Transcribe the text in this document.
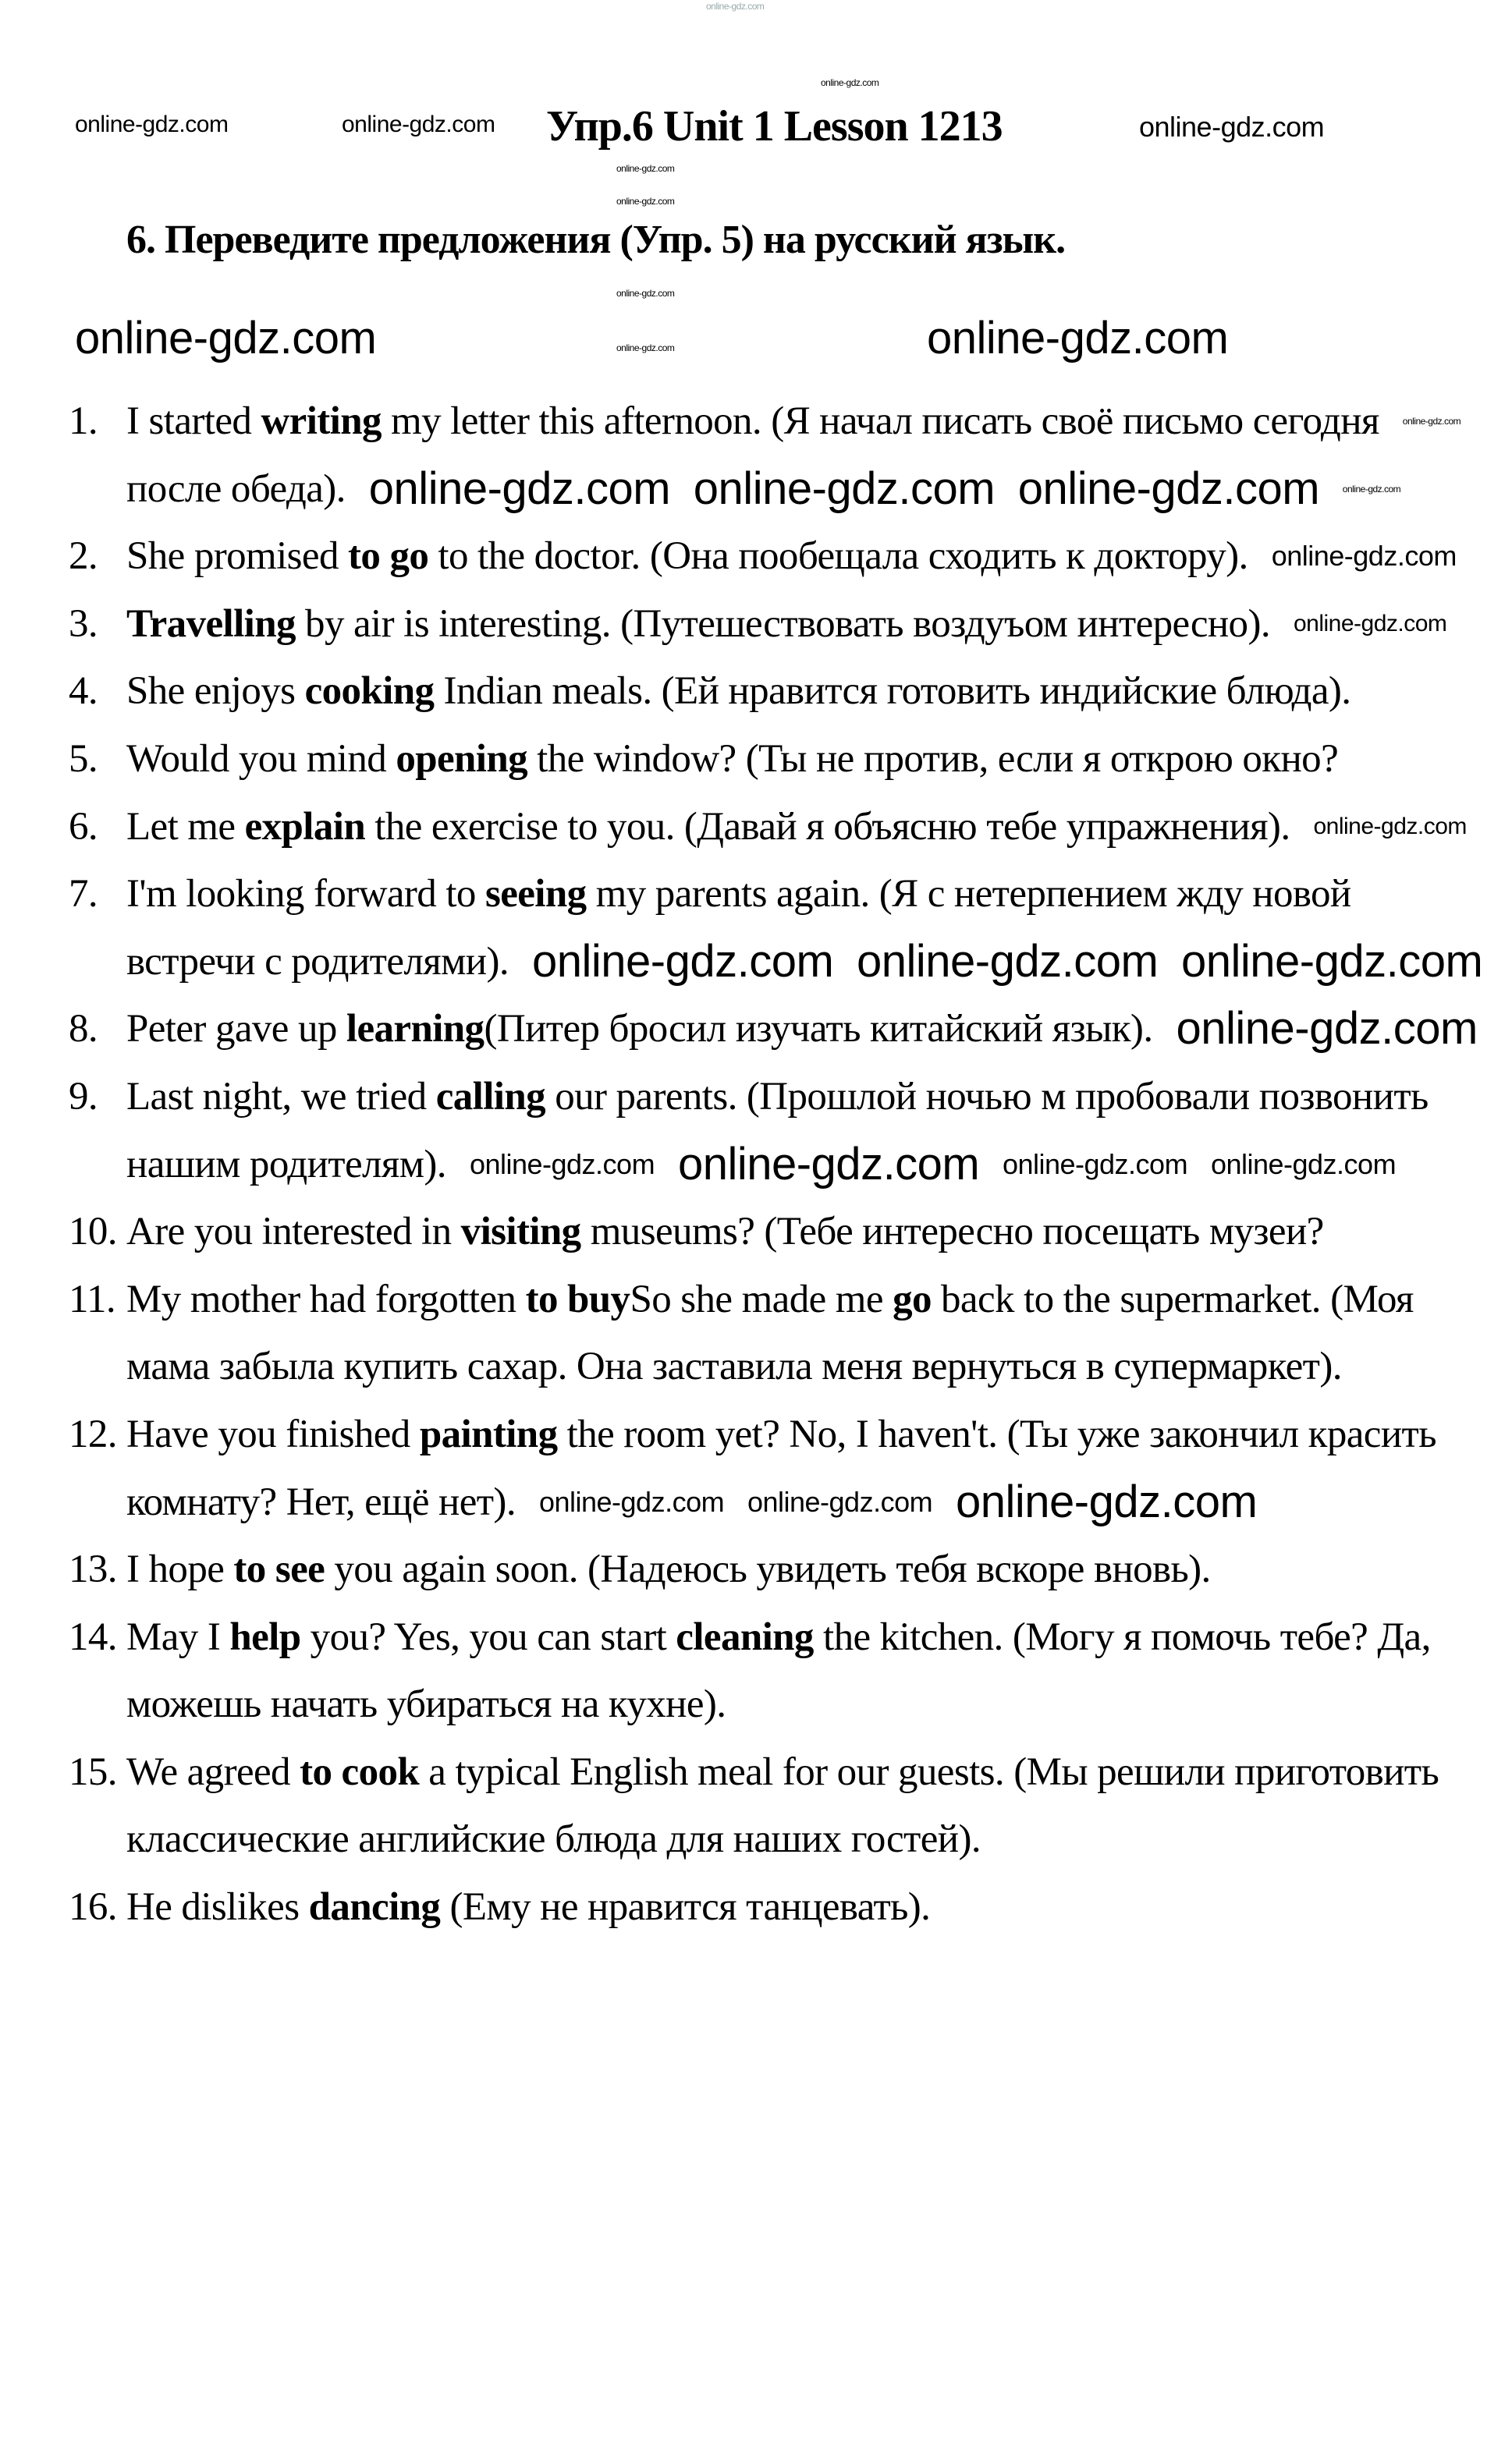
Упр.6 Unit 1 Lesson 1213
6. Переведите предложения (Упр. 5) на русский язык.
1. I started writing my letter this afternoon. (Я начал писать своё письмо сегодня после обеда).
2. She promised to go to the doctor. (Она пообещала сходить к доктору).
3. Travelling by air is interesting. (Путешествовать воздуъом интересно).
4. She enjoys cooking Indian meals. (Ей нравится готовить индийские блюда).
5. Would you mind opening the window? (Ты не против, если я открою окно?
6. Let me explain the exercise to you. (Давай я объясню тебе упражнения).
7. I'm looking forward to seeing my parents again. (Я с нетерпением жду новой встречи с родителями).
8. Peter gave up learning(Питер бросил изучать китайский язык).
9. Last night, we tried calling our parents. (Прошлой ночью м пробовали позвонить нашим родителям).
10. Are you interested in visiting museums? (Тебе интересно посещать музеи?
11. My mother had forgotten to buySo she made me go back to the supermarket. (Моя мама забыла купить сахар. Она заставила меня вернуться в супермаркет).
12. Have you finished painting the room yet? No, I haven't. (Ты уже закончил красить комнату? Нет, ещё нет).
13. I hope to see you again soon. (Надеюсь увидеть тебя вскоре вновь).
14. May I help you? Yes, you can start cleaning the kitchen. (Могу я помочь тебе? Да, можешь начать убираться на кухне).
15. We agreed to cook a typical English meal for our guests. (Мы решили приготовить классические английские блюда для наших гостей).
16. He dislikes dancing (Ему не нравится танцевать).
online-gdz.com
online-gdz.com	online-gdz.com	online-gdz.com
online-gdz.com
online-gdz.com
online-gdz.com
online-gdz.com
online-gdz.com	online-gdz.com
online-gdz.com
online-gdz.com online-gdz.com online-gdz.com
online-gdz.com
online-gdz.com
online-gdz.com
online-gdz.com online-gdz.com
online-gdz.com
online-gdz.com
online-gdz.com online-gdz.com online-gdz.com
online-gdz.com
online-gdz.com
online-gdz.com
online-gdz.com online-gdz.com online-gdz.com
